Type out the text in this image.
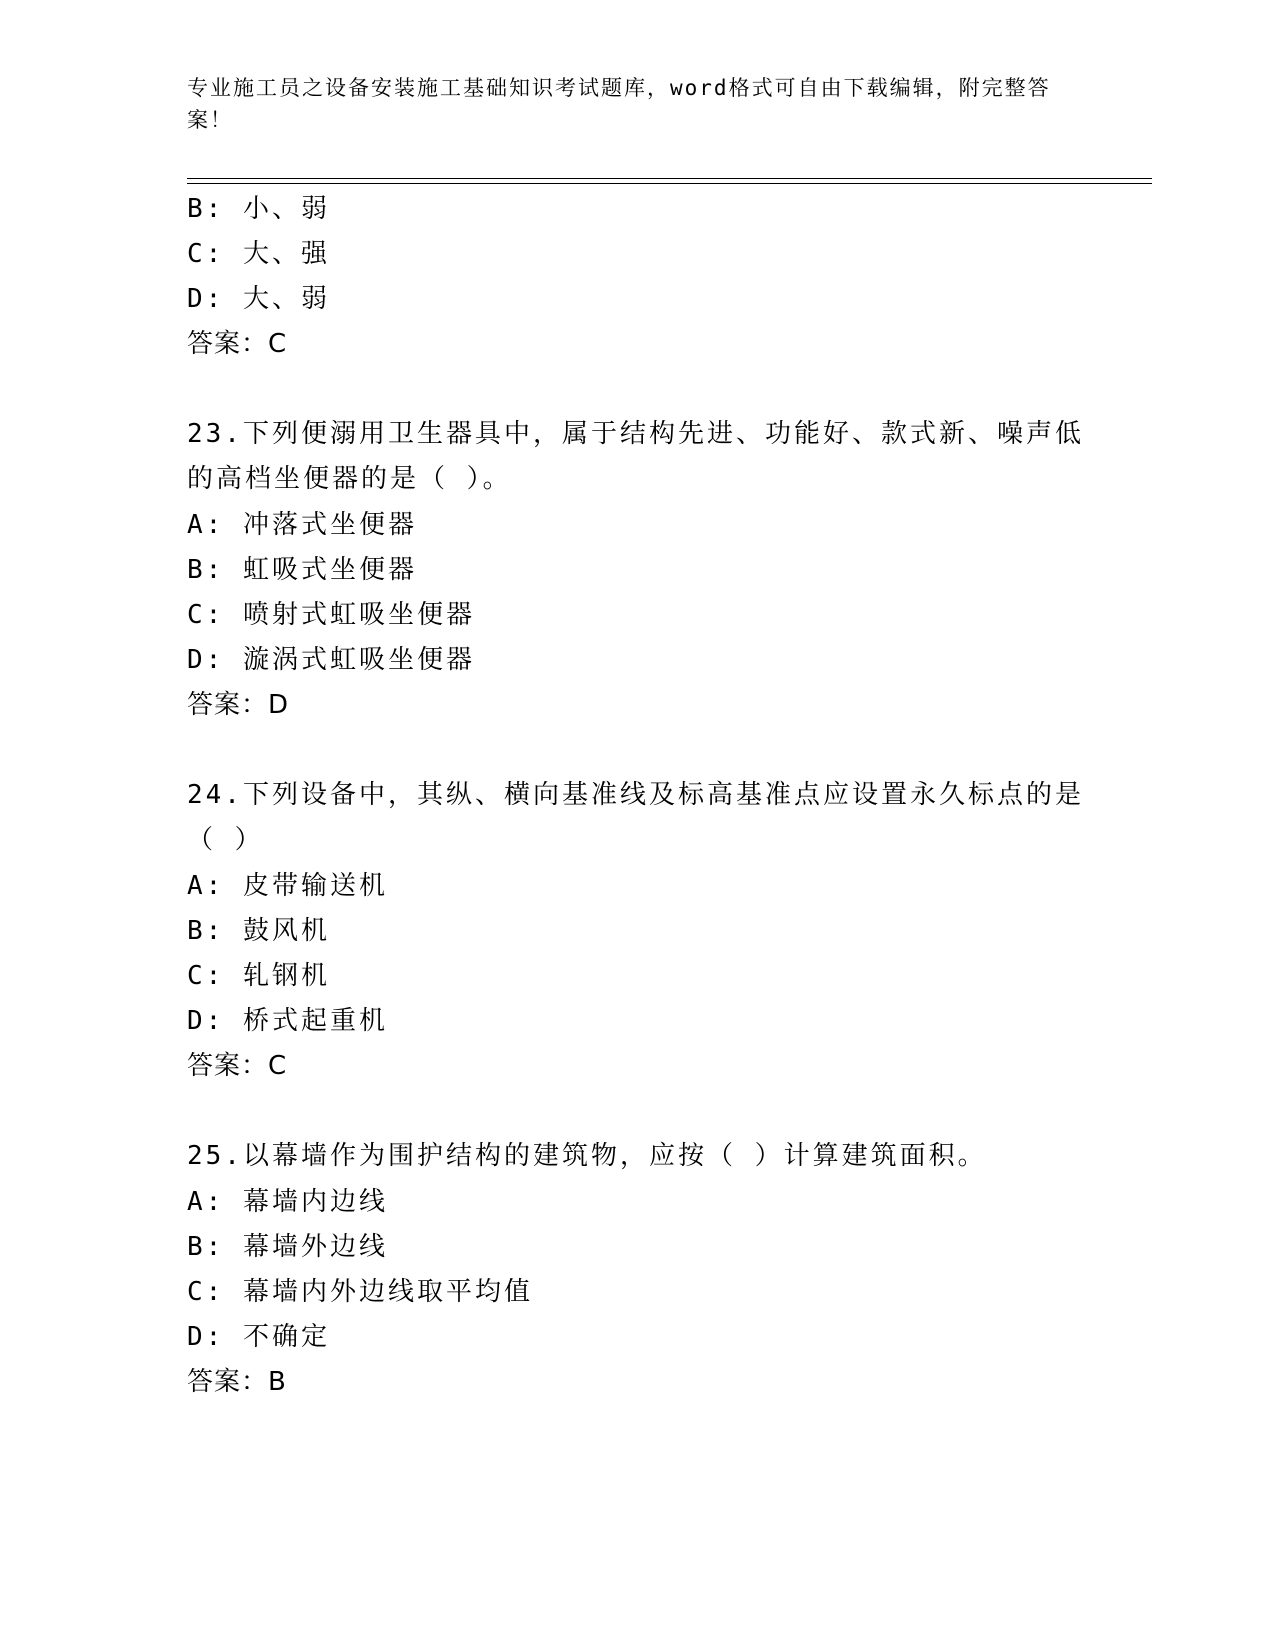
专业施工员之设备安装施工基础知识考试题库，word格式可自由下载编辑，附完整答案！
B: 小、弱
C: 大、强
D: 大、弱
答案：C
23.下列便溺用卫生器具中，属于结构先进、功能好、款式新、噪声低的高档坐便器的是（ ）。
A: 冲落式坐便器
B: 虹吸式坐便器
C: 喷射式虹吸坐便器
D: 漩涡式虹吸坐便器
答案：D
24.下列设备中，其纵、横向基准线及标高基准点应设置永久标点的是（ ）
A: 皮带输送机
B: 鼓风机
C: 轧钢机
D: 桥式起重机
答案：C
25.以幕墙作为围护结构的建筑物，应按（ ）计算建筑面积。
A: 幕墙内边线
B: 幕墙外边线
C: 幕墙内外边线取平均值
D: 不确定
答案：B
